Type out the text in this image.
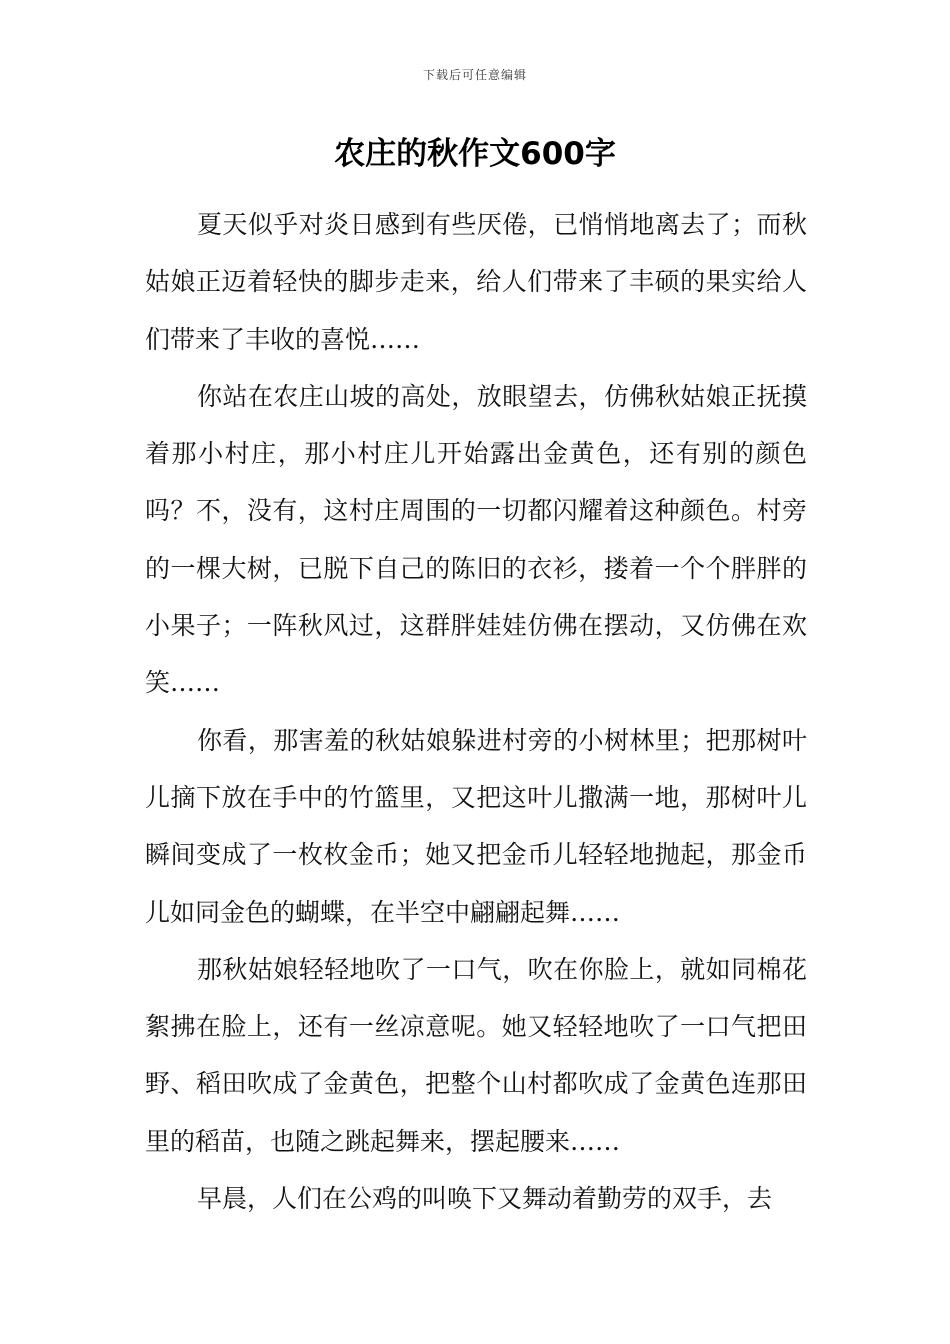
下载后可任意编辑
农庄的秋作文600字

夏天似乎对炎日感到有些厌倦，已悄悄地离去了；而秋姑娘正迈着轻快的脚步走来，给人们带来了丰硕的果实给人们带来了丰收的喜悦……

你站在农庄山坡的高处，放眼望去，仿佛秋姑娘正抚摸着那小村庄，那小村庄儿开始露出金黄色，还有别的颜色吗？不，没有，这村庄周围的一切都闪耀着这种颜色。村旁的一棵大树，已脱下自己的陈旧的衣衫，搂着一个个胖胖的小果子；一阵秋风过，这群胖娃娃仿佛在摆动，又仿佛在欢笑……

你看，那害羞的秋姑娘躲进村旁的小树林里；把那树叶儿摘下放在手中的竹篮里，又把这叶儿撒满一地，那树叶儿瞬间变成了一枚枚金币；她又把金币儿轻轻地抛起，那金币儿如同金色的蝴蝶，在半空中翩翩起舞……

那秋姑娘轻轻地吹了一口气，吹在你脸上，就如同棉花絮拂在脸上，还有一丝凉意呢。她又轻轻地吹了一口气把田野、稻田吹成了金黄色，把整个山村都吹成了金黄色连那田里的稻苗，也随之跳起舞来，摆起腰来……

早晨，人们在公鸡的叫唤下又舞动着勤劳的双手，去
